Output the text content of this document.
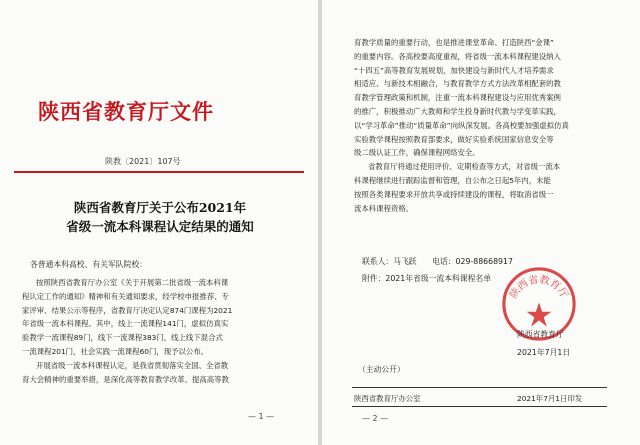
陕西省教育厅文件
陕教〔2021〕107号
陕西省教育厅关于公布2021年
省级一流本科课程认定结果的通知
各普通本科高校、有关军队院校：

按照陕西省教育厅办公室《关于开展第二批省级一流本科课

程认定工作的通知》精神和有关通知要求，经学校申报推荐、专

家评审、结果公示等程序，省教育厅决定认定874门课程为2021

年省级一流本科课程。其中，线上一流课程141门，虚拟仿真实

验教学一流课程89门，线下一流课程383门，线上线下混合式

一流课程201门，社会实践一流课程60门，现予以公布。

开展省级一流本科课程认定，是我省贯彻落实全国、全省教

育大会精神的重要举措，是深化高等教育教学改革、提高高等教

— 1 —

育教学质量的重要行动，也是推进课堂革命、打造陕西“金课”

的重要内容。各高校要高度重视，将省级一流本科课程建设纳入

“十四五”高等教育发展规划，加快建设与新时代人才培养需求

相适应、与新技术相融合，与教育教学方式方法改革相配套的教

育教学管理政策和机制，注重一流本科课程建设与应用优秀案例

的推广，积极推动广大教师和学生投身新时代教与学变革实践，

以“学习革命”推动“质量革命”向纵深发展。各高校要加强虚拟仿真

实验教学课程按照教育部要求，做好实验系统国家信息安全等

级二级认证工作，确保课程网络安全。

省教育厅将通过使用评价、定期检查等方式，对省级一流本

科课程继续进行跟踪监督和管理，自公布之日起5年内，未能

按照各类课程要求开放共享或持续建设的课程，将取消省级一

流本科课程资格。

联系人：马飞跃　　电话：029-88668917
附件：2021年省级一流本科课程名单
陕西省教育厅
陕西省教育厅
2021年7月1日
（主动公开）
陕西省教育厅办公室	2021年7月1日印发
— 2 —
